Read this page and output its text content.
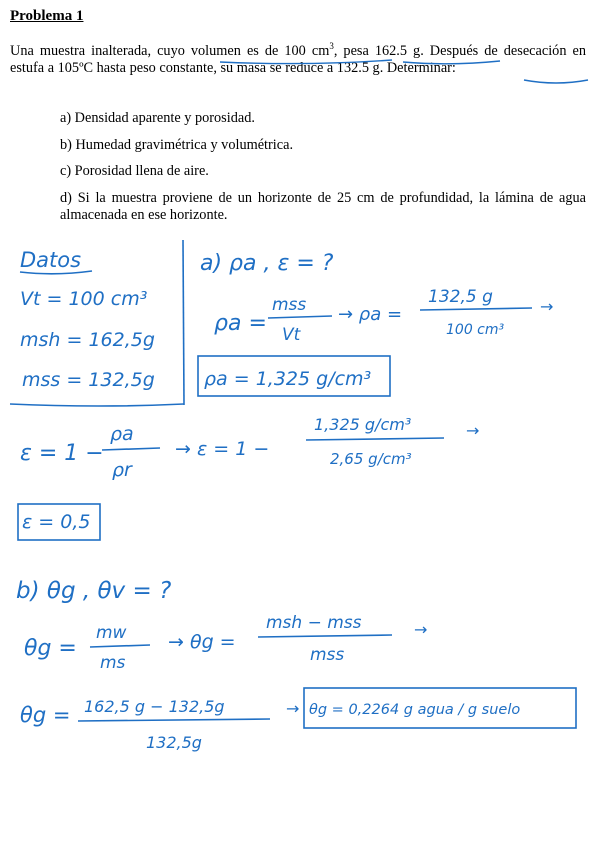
Problema 1
Una muestra inalterada, cuyo volumen es de 100 $cm^3$, pesa 162.5 g. Después de desecación en estufa a 105ºC hasta peso constante, su masa se reduce a 132.5 g. Determinar:
a) Densidad aparente y porosidad.
b) Humedad gravimétrica y volumétrica.
c) Porosidad llena de aire.
d) Si la muestra proviene de un horizonte de 25 cm de profundidad, la lámina de agua almacenada en ese horizonte.
Datos
Vt = 100 cm³
msh = 162,5g
mss = 132,5g
a) ρa , ε = ?
ρa =
mss
Vt
→ ρa =
132,5 g
100 cm³
→
ρa = 1,325 g/cm³
ε = 1 −
ρa
ρr
→ ε = 1 −
1,325 g/cm³
2,65 g/cm³
→
ε = 0,5
b) θg , θv = ?
θg =
mw
ms
→ θg =
msh − mss
mss
→
θg = 162,5 g − 132,5g
132,5g
→ θg = 0,2264 g agua / g suelo
